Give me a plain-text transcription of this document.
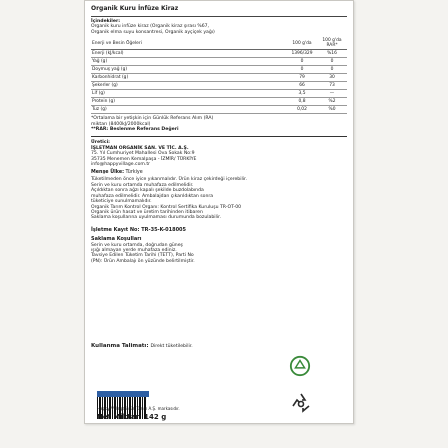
Organik Kuru İnfüze Kiraz
İçindekiler:
Organik kuru infüze kiraz (Organik kiraz şırası %67,
Organik elma suyu konsantresi, Organik ayçiçek yağı)
Enerji ve Besin Öğeleri	100 g'da	100 g'da RAR*
Enerji (kJ/kcal)	1396/329	%16
Yağ (g)	0	0
Doymuş yağ (g)	0	0
Karbonhidrat (g)	79	30
Şekerler (g)	66	73
Lif (g)	3,5	—
Protein (g)	0,8	%2
Tuz (g)	0,02	%0
*Ortalama bir yetişkin için Günlük Referans Alım (RA)
miktarı (8400kJ/2000kcal)
**RAR: Beslenme Referans Değeri
Üretici:
İŞLETMAN ORGANİK SAN. VE TİC. A.Ş.
75. Yıl Cumhuriyet Mahallesi Ova Sokak No:9
35735 Menemen Kemalpaşa - İZMİR/ TÜRKİYE
info@happyvillage.com.tr
Menşe Ülke: Türkiye
Tüketilmeden önce iyice yıkanmalıdır. Ürün kiraz çekirdeği içerebilir.
Serin ve kuru ortamda muhafaza edilmelidir.
Açıldıktan sonra ağzı kapalı şekilde buzdolabında
muhafaza edilmelidir. Ambalajdan çıkarıldıktan sonra
tüketiciye sunulmamalıdır.
Organik Tarım Kontrol Organı: Kontrol Sertifika Kuruluşu TR-OT-00
Organik ürün hasat ve üretim tarihinden itibaren
Saklama koşullarına uyulmaması durumunda bozulabilir.
İşletme Kayıt No: TR-35-K-018005
Saklama Koşulları
Serin ve kuru ortamda, doğrudan güneş
ışığı almayan yerde muhafaza ediniz.
Tavsiye Edilen Tüketim Tarihi (TETT), Parti No
(PN): Ürün Ambalajı ön yüzünde belirtilmiştir.
Kullanma Talimatı:
Direkt tüketilebilir.
Happy Village ürün Tarım A.Ş. markasıdır.
Net Miktar: 142 g
